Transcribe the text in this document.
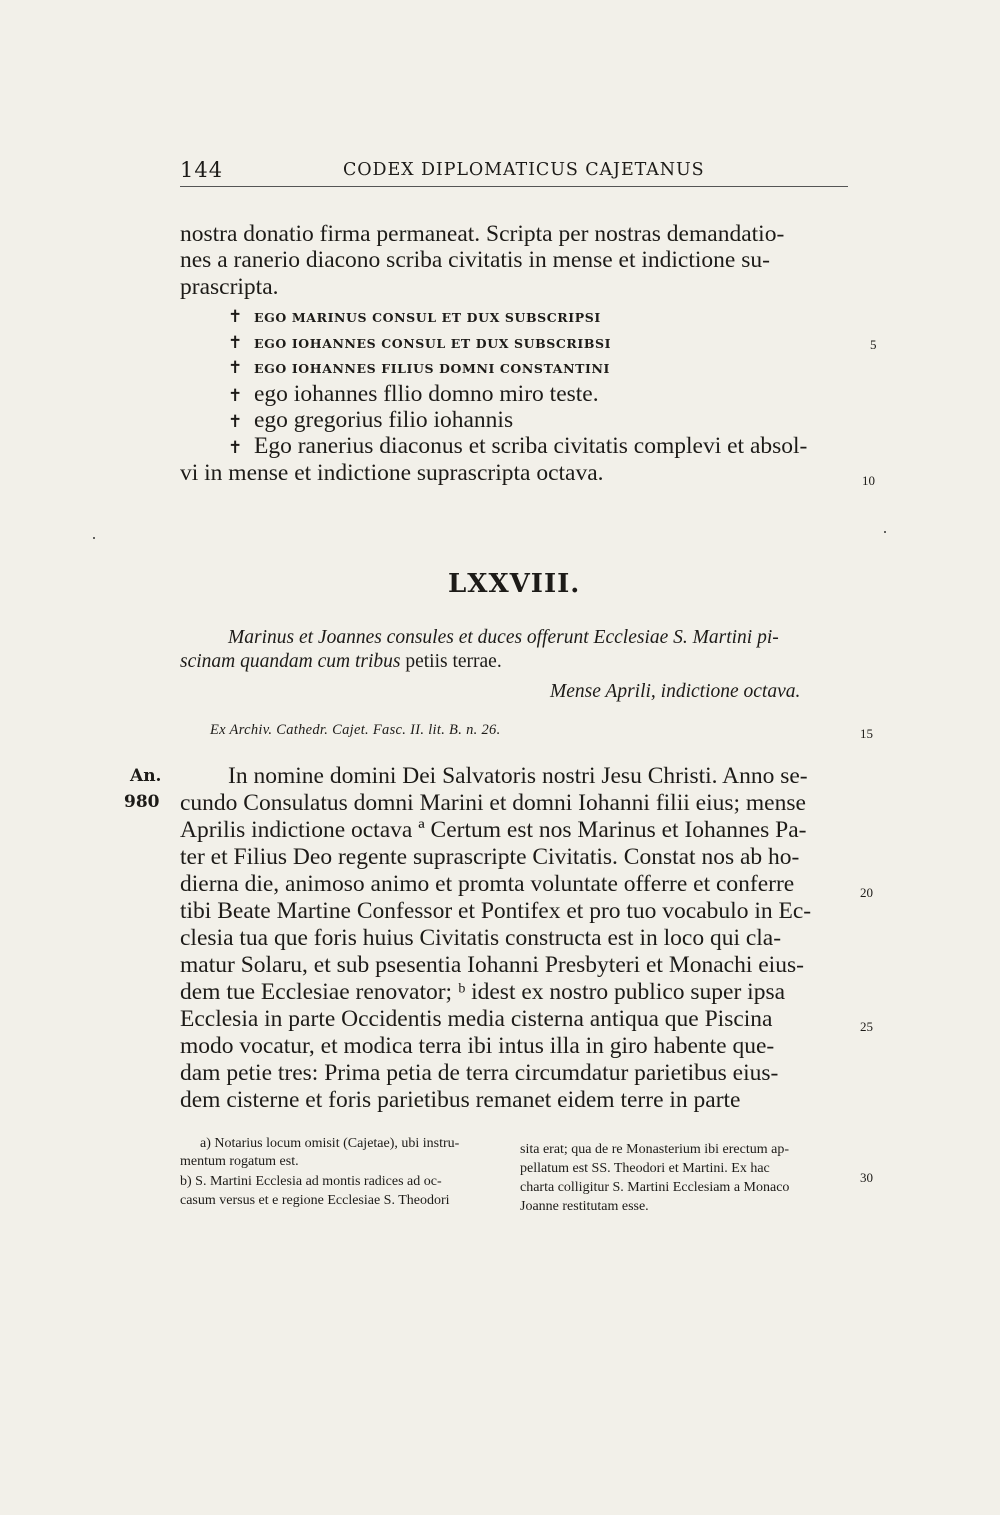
144	CODEX DIPLOMATICUS CAJETANUS
nostra donatio firma permaneat. Scripta per nostras demandatio-
nes a ranerio diacono scriba civitatis in mense et indictione su-
prascripta.
✝ EGO MARINUS CONSUL ET DUX SUBSCRIPSI
✝ EGO IOHANNES CONSUL ET DUX SUBSCRIBSI
✝ EGO IOHANNES FILIUS DOMNI CONSTANTINI
✝ ego iohannes fllio domno miro teste.
✝ ego gregorius filio iohannis
✝ Ego ranerius diaconus et scriba civitatis complevi et absol-
vi in mense et indictione suprascripta octava.
LXXVIII.
Marinus et Joannes consules et duces offerunt Ecclesiae S. Martini pi-
scinam quandam cum tribus petiis terrae.
Mense Aprili, indictione octava.
Ex Archiv. Cathedr. Cajet. Fasc. II. lit. B. n. 26.
An.
980
In nomine domini Dei Salvatoris nostri Jesu Christi. Anno se-
cundo Consulatus domni Marini et domni Iohanni filii eius; mense
Aprilis indictione octava ª Certum est nos Marinus et Iohannes Pa-
ter et Filius Deo regente suprascripte Civitatis. Constat nos ab ho-
dierna die, animoso animo et promta voluntate offerre et conferre
tibi Beate Martine Confessor et Pontifex et pro tuo vocabulo in Ec-
clesia tua que foris huius Civitatis constructa est in loco qui cla-
matur Solaru, et sub psesentia Iohanni Presbyteri et Monachi eius-
dem tue Ecclesiae renovator; ᵇ idest ex nostro publico super ipsa
Ecclesia in parte Occidentis media cisterna antiqua que Piscina
modo vocatur, et modica terra ibi intus illa in giro habente que-
dam petie tres: Prima petia de terra circumdatur parietibus eius-
dem cisterne et foris parietibus remanet eidem terre in parte
5
10
15
20
25
30
a) Notarius locum omisit (Cajetae), ubi instru-
mentum rogatum est.
b) S. Martini Ecclesia ad montis radices ad oc-
casum versus et e regione Ecclesiae S. Theodori
sita erat; qua de re Monasterium ibi erectum ap-
pellatum est SS. Theodori et Martini. Ex hac
charta colligitur S. Martini Ecclesiam a Monaco
Joanne restitutam esse.
